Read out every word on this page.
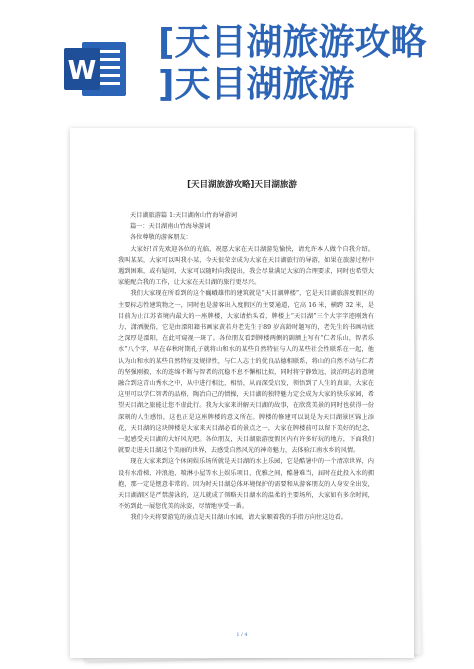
W
[天目湖旅游攻略
]天目湖旅游
[天目湖旅游攻略]天目湖旅游

天目湖旅游篇 1:天目湖南山竹海导游词

篇一：天目湖南山竹海导游词

各位尊敬的游客朋友：

大家好!首先欢迎各位的光临，祝愿大家在天目湖游览愉快，请允许本人做个自我介绍。我叫某某，大家可以叫我小某，今天很荣幸成为大家在天目湖旅行的导游，如果在旅游过程中遇到困难，或有疑问，大家可以随时向我提出，我会尽量满足大家的合理要求，同时也希望大家能配合我的工作，让大家在天目湖的旅行更尽兴。

我们大家现在所看到的这个巍峨雄伟的建筑就是“天目湖牌楼”，它是天目湖旅游度假区的主要标志性建筑物之一，同时也是游客出入度假区的主要通道，它高 16 米，横跨 32 米，是目前为止江苏省境内最大的一座牌楼，大家请抬头看，牌楼上“天目湖”三个大字字迹刚劲有力，潇洒脱俗，它是由溧阳籍书画家黄若舟老先生于89 岁高龄时题写的，老先生的书画功底之深厚是溧阳，在此可窥视一斑了。各位朋友看到牌楼两侧的副额上写有“仁者乐山，智者乐水”八个字，早在春秋时期孔子就将山和水的某些自然特征与人的某些社会性联系在一起，他认为山和水的某些自然特征及规律性，与仁人志士的优良品德相联系，将山的自然不动与仁者的坚强刚毅，水的连绵不断与智者的沉稳不息不懈相比拟，同时将宁静致远，淡泊明志的意境融合到这青山秀水之中，从中进行相比，相悟，从而深受启发，领悟到了人生的真谛，大家在这里可以学仁智者的品格，陶冶自己的情操，天目湖的独特魅力定会成为大家的快乐家园，希望天目湖之旅能让您不虚此行。我为大家来讲解天目湖的故事，在欣赏美景的同时也获得一份深刻的人生感悟，这也正是这座牌楼的意义所在。牌楼的修建可以说是为天目湖景区锦上添花，天目湖的这块牌楼是大家来天目湖必看的景点之一，大家在牌楼前可以留下美好的纪念，一起感受天目湖的大好风光吧。各位朋友，天目湖旅游度假区内有许多好玩的地方，下面我们就要走进天目湖这个美丽的世界，去感受自然风光的神奇魅力，去体验江南水乡的风情。

现在大家来到这个休闲娱乐场所就是天目湖的水上乐园，它是酷暑中的一个清凉世界，内设有水滑梯、冲浪池、喷淋小屋等水上娱乐项目，优雅之间，酷暑难当，届时在此投入水的拥抱，那一定是惬意非常的。因为时天目湖总体环境保护的需要和从游客朋友的人身安全出发，天目湖湖区是严禁游泳的，这儿就成了领略天目湖水的温柔的主要场所，大家如有多余时间，不妨到此一展您优美的泳姿，尽情地享受一番。

我们今天将要游览的景点是天目湖山水园，请大家顺着我的手指方向往这边看。

1 / 4
